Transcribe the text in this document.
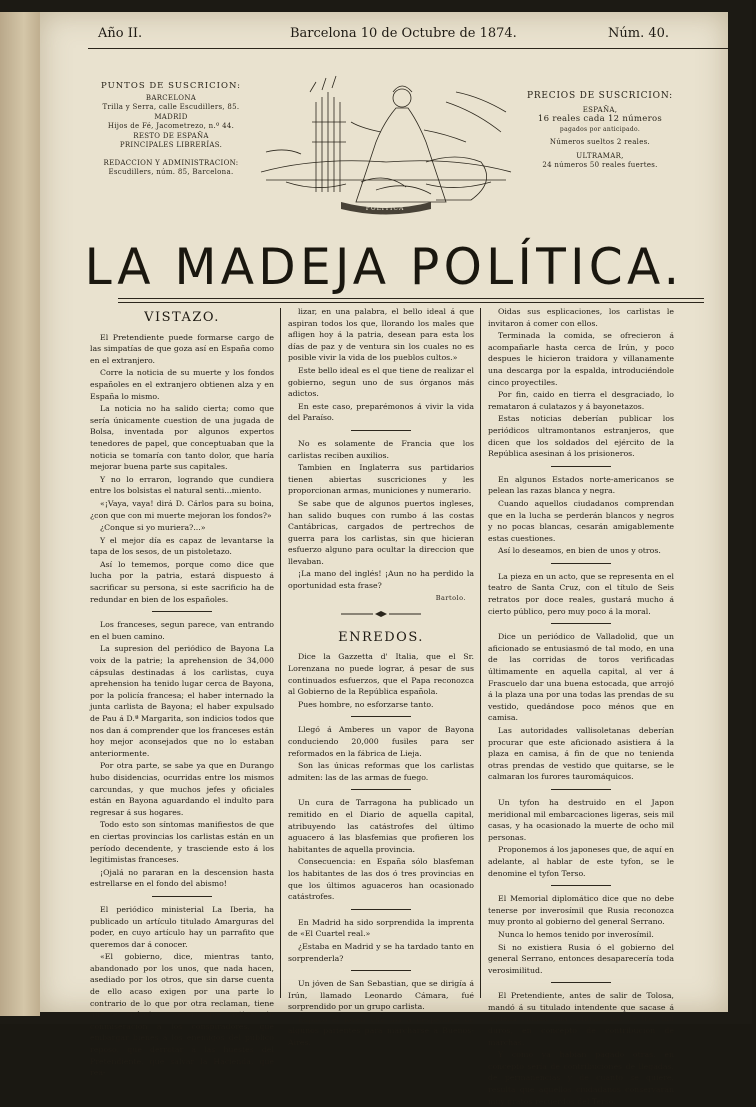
Año II.	Barcelona 10 de Octubre de 1874.	Núm. 40.
PUNTOS DE SUSCRICION:
BARCELONA
Trilla y Serra, calle Escudillers, 85.
MADRID
Hijos de Fé, Jacometrezo, n.º 44.
RESTO DE ESPAÑA
PRINCIPALES LIBRERÍAS.
REDACCION Y ADMINISTRACION:
Escudillers, núm. 85, Barcelona.
POLÍTICA
PRECIOS DE SUSCRICION:
ESPAÑA,
16 reales cada 12 números
pagados por anticipado.
Números sueltos 2 reales.
ULTRAMAR,
24 números 50 reales fuertes.
LA MADEJA POLÍTICA.

VISTAZO.

El Pretendiente puede formarse cargo de las simpatías de que goza así en España como en el extranjero.

Corre la noticia de su muerte y los fondos españoles en el extranjero obtienen alza y en España lo mismo.

La noticia no ha salido cierta; como que sería únicamente cuestion de una jugada de Bolsa, inventada por algunos expertos tenedores de papel, que conceptuaban que la noticia se tomaría con tanto dolor, que haría mejorar buena parte sus capitales.

Y no lo erraron, logrando que cundiera entre los bolsistas el natural senti...miento.

«¡Vaya, vaya! dirá D. Cárlos para su boina, ¿con que con mi muerte mejoran los fondos?»

¿Conque si yo muriera?...»

Y el mejor día es capaz de levantarse la tapa de los sesos, de un pistoletazo.

Así lo tememos, porque como dice que lucha por la patria, estará dispuesto á sacrificar su persona, si este sacrificio ha de redundar en bien de los españoles.

Los franceses, segun parece, van entrando en el buen camino.

La supresion del periódico de Bayona La voix de la patrie; la aprehension de 34,000 cápsulas destinadas á los carlistas, cuya aprehension ha tenido lugar cerca de Bayona, por la policía francesa; el haber internado la junta carlista de Bayona; el haber expulsado de Pau á D.ª Margarita, son indicios todos que nos dan á comprender que los franceses están hoy mejor aconsejados que no lo estaban anteriormente.

Por otra parte, se sabe ya que en Durango hubo disidencias, ocurridas entre los mismos carcundas, y que muchos jefes y oficiales están en Bayona aguardando el indulto para regresar á sus hogares.

Todo esto son síntomas manifiestos de que en ciertas provincias los carlistas están en un período decendente, y trasciende esto á los legitimistas franceses.

¡Ojalá no pararan en la descension hasta estrellarse en el fondo del abismo!

El periódico ministerial La Iberia, ha publicado un artículo titulado Amarguras del poder, en cuyo artículo hay un parrafito que queremos dar á conocer.

«El gobierno, dice, mientras tanto, abandonado por los unos, que nada hacen, asediado por los otros, que sin darse cuenta de ello acaso exigen por una parte lo contrario de lo que por otra reclaman, tiene que ser enérgico y severo, que castigar sin conmiseracion á los conspiradores, que embargar bienes á los enemigos del público reposo, que derrotar á las huestes del Pretendiente, que salvar la Hacienda, que rea-

lizar, en una palabra, el bello ideal á que aspiran todos los que, llorando los males que afligen hoy á la patria, desean para esta los días de paz y de ventura sin los cuales no es posible vivir la vida de los pueblos cultos.»

Este bello ideal es el que tiene de realizar el gobierno, segun uno de sus órganos más adictos.

En este caso, preparémonos á vivir la vida del Paraíso.

No es solamente de Francia que los carlistas reciben auxilios.

Tambien en Inglaterra sus partidarios tienen abiertas suscriciones y les proporcionan armas, municiones y numerario.

Se sabe que de algunos puertos ingleses, han salido buques con rumbo á las costas Cantábricas, cargados de pertrechos de guerra para los carlistas, sin que hicieran esfuerzo alguno para ocultar la direccion que llevaban.

¡La mano del inglés! ¡Aun no ha perdido la oportunidad esta frase?

Bartolo.

ENREDOS.

Dice la Gazzetta d' Italia, que el Sr. Lorenzana no puede lograr, á pesar de sus continuados esfuerzos, que el Papa reconozca al Gobierno de la República española.

Pues hombre, no esforzarse tanto.

Llegó á Amberes un vapor de Bayona conduciendo 20,000 fusiles para ser reformados en la fábrica de Lieja.

Son las únicas reformas que los carlistas admiten: las de las armas de fuego.

Un cura de Tarragona ha publicado un remitido en el Diario de aquella capital, atribuyendo las catástrofes del último aguacero á las blasfemias que profieren los habitantes de aquella provincia.

Consecuencia: en España sólo blasfeman los habitantes de las dos ó tres provincias en que los últimos aguaceros han ocasionado catástrofes.

En Madrid ha sido sorprendida la imprenta de «El Cuartel real.»

¿Estaba en Madrid y se ha tardado tanto en sorprenderla?

Un jóven de San Sebastian, que se dirigía á Irún, llamado Leonardo Cámara, fué sorprendido por un grupo carlista.

Explicó el jóven que iba á despedirse de algunos parientes para marcharse á Buenos-Aires.

Oidas sus esplicaciones, los carlistas le invitaron á comer con ellos.

Terminada la comida, se ofrecieron á acompañarle hasta cerca de Irún, y poco despues le hicieron traidora y villanamente una descarga por la espalda, introduciéndole cinco proyectiles.

Por fin, caido en tierra el desgraciado, lo remataron á culatazos y á bayonetazos.

Estas noticias deberían publicar los periódicos ultramontanos estranjeros, que dicen que los soldados del ejército de la República asesinan á los prisioneros.

En algunos Estados norte-americanos se pelean las razas blanca y negra.

Cuando aquellos ciudadanos comprendan que en la lucha se perderán blancos y negros y no pocas blancas, cesarán amigablemente estas cuestiones.

Así lo deseamos, en bien de unos y otros.

La pieza en un acto, que se representa en el teatro de Santa Cruz, con el título de Seis retratos por doce reales, gustará mucho á cierto público, pero muy poco á la moral.

Dice un periódico de Valladolid, que un aficionado se entusiasmó de tal modo, en una de las corridas de toros verificadas últimamente en aquella capital, al ver á Frascuelo dar una buena estocada, que arrojó á la plaza una por una todas las prendas de su vestido, quedándose poco ménos que en camisa.

Las autoridades vallisoletanas deberían procurar que este aficionado asistiera á la plaza en camisa, á fin de que no tenienda otras prendas de vestido que quitarse, se le calmaran los furores tauromáquicos.

Un tyfon ha destruido en el Japon meridional mil embarcaciones ligeras, seis mil casas, y ha ocasionado la muerte de ocho mil personas.

Proponemos á los japoneses que, de aquí en adelante, al hablar de este tyfon, se le denomine el tyfon Terso.

El Memorial diplomático dice que no debe tenerse por inverosímil que Rusia reconozca muy pronto al gobierno del general Serrano.

Nunca lo hemos tenido por inverosímil.

Si no existiera Rusia ó el gobierno del general Serrano, entonces desaparecería toda verosimilitud.

El Pretendiente, antes de salir de Tolosa, mandó á su titulado intendente que sacase á aquella ciudad una contribucion de tres mil duros, en concepto de contribucion de marchas.

Y como ya habian pagado otras, en concepto sería de contribuciones de llegadas, de permanencias y de cuanto se quiere, resulta que aquellos ciudadanos conservarán muy gratos recuerdos del Terso.
